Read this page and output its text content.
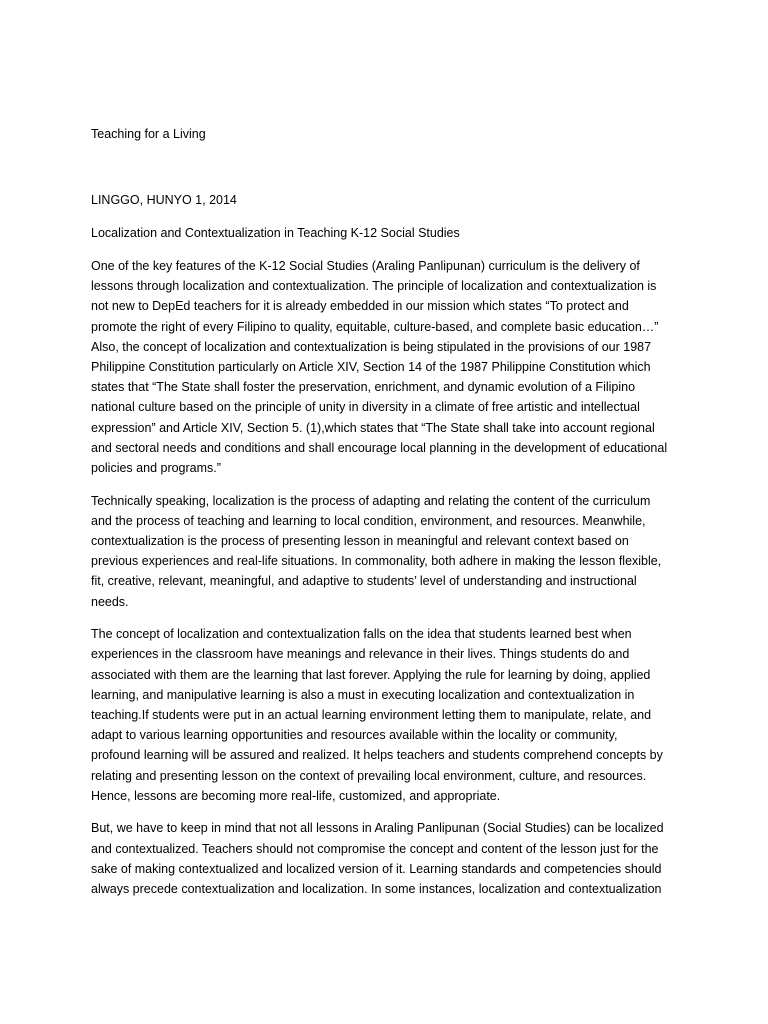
Teaching for a Living

LINGGO, HUNYO 1, 2014

Localization and Contextualization in Teaching K-12 Social Studies

One of the key features of the K-12 Social Studies (Araling Panlipunan) curriculum is the delivery of
lessons through localization and contextualization. The principle of localization and contextualization is
not new to DepEd teachers for it is already embedded in our mission which states “To protect and
promote the right of every Filipino to quality, equitable, culture-based, and complete basic education…”
Also, the concept of localization and contextualization is being stipulated in the provisions of our 1987
Philippine Constitution particularly on Article XIV, Section 14 of the 1987 Philippine Constitution which
states that “The State shall foster the preservation, enrichment, and dynamic evolution of a Filipino
national culture based on the principle of unity in diversity in a climate of free artistic and intellectual
expression” and Article XIV, Section 5. (1),which states that “The State shall take into account regional
and sectoral needs and conditions and shall encourage local planning in the development of educational
policies and programs.”

Technically speaking, localization is the process of adapting and relating the content of the curriculum
and the process of teaching and learning to local condition, environment, and resources. Meanwhile,
contextualization is the process of presenting lesson in meaningful and relevant context based on
previous experiences and real-life situations. In commonality, both adhere in making the lesson flexible,
fit, creative, relevant, meaningful, and adaptive to students’ level of understanding and instructional
needs.

The concept of localization and contextualization falls on the idea that students learned best when
experiences in the classroom have meanings and relevance in their lives. Things students do and
associated with them are the learning that last forever. Applying the rule for learning by doing, applied
learning, and manipulative learning is also a must in executing localization and contextualization in
teaching.If students were put in an actual learning environment letting them to manipulate, relate, and
adapt to various learning opportunities and resources available within the locality or community,
profound learning will be assured and realized. It helps teachers and students comprehend concepts by
relating and presenting lesson on the context of prevailing local environment, culture, and resources.
Hence, lessons are becoming more real-life, customized, and appropriate.

But, we have to keep in mind that not all lessons in Araling Panlipunan (Social Studies) can be localized
and contextualized. Teachers should not compromise the concept and content of the lesson just for the
sake of making contextualized and localized version of it. Learning standards and competencies should
always precede contextualization and localization. In some instances, localization and contextualization
